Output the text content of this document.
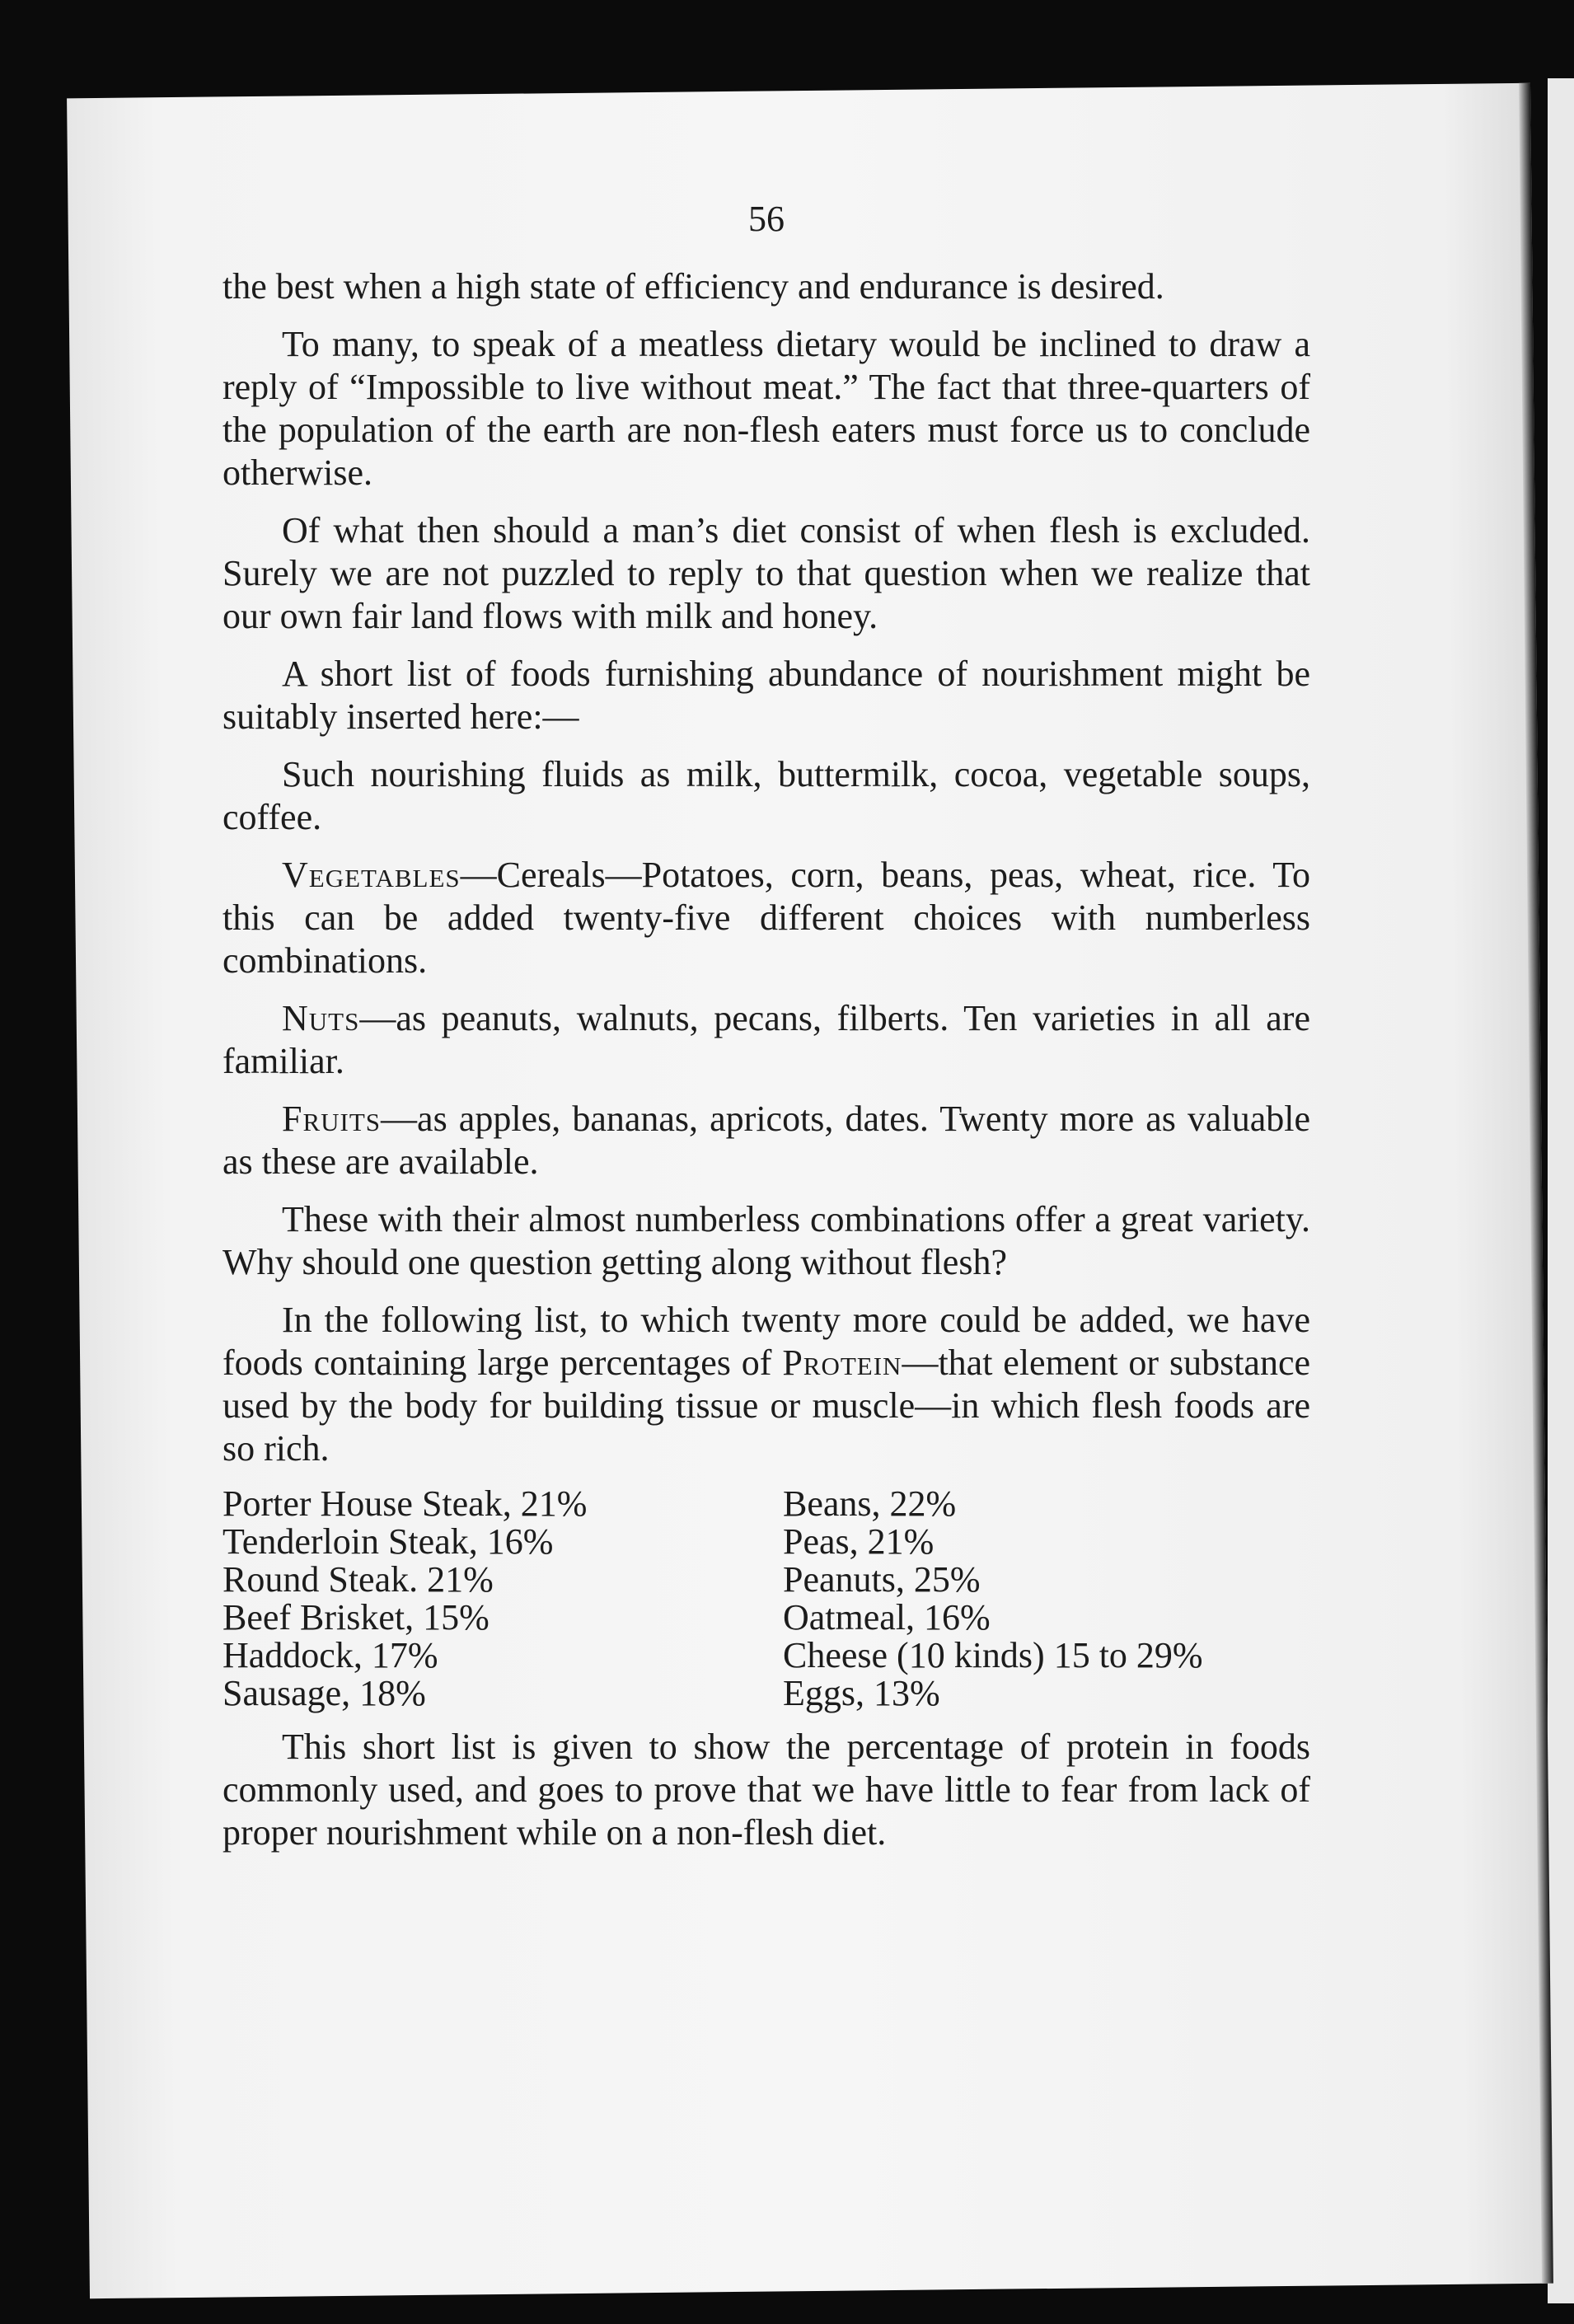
56

the best when a high state of efficiency and endurance is desired.

To many, to speak of a meatless dietary would be inclined to draw a reply of “Impossible to live without meat.” The fact that three-quarters of the population of the earth are non-flesh eaters must force us to conclude otherwise.

Of what then should a man’s diet consist of when flesh is excluded. Surely we are not puzzled to reply to that question when we realize that our own fair land flows with milk and honey.

A short list of foods furnishing abundance of nourishment might be suitably inserted here:—

Such nourishing fluids as milk, buttermilk, cocoa, vegetable soups, coffee.

Vegetables—Cereals—Potatoes, corn, beans, peas, wheat, rice. To this can be added twenty-five different choices with numberless combinations.

Nuts—as peanuts, walnuts, pecans, filberts. Ten varieties in all are familiar.

Fruits—as apples, bananas, apricots, dates. Twenty more as valuable as these are available.

These with their almost numberless combinations offer a great variety. Why should one question getting along without flesh?

In the following list, to which twenty more could be added, we have foods containing large percentages of Protein—that element or substance used by the body for building tissue or muscle—in which flesh foods are so rich.

Porter House Steak, 21%
Tenderloin Steak, 16%
Round Steak. 21%
Beef Brisket, 15%
Haddock, 17%
Sausage, 18%
Beans, 22%
Peas, 21%
Peanuts, 25%
Oatmeal, 16%
Cheese (10 kinds) 15 to 29%
Eggs, 13%

This short list is given to show the percentage of protein in foods commonly used, and goes to prove that we have little to fear from lack of proper nourishment while on a non-flesh diet.
